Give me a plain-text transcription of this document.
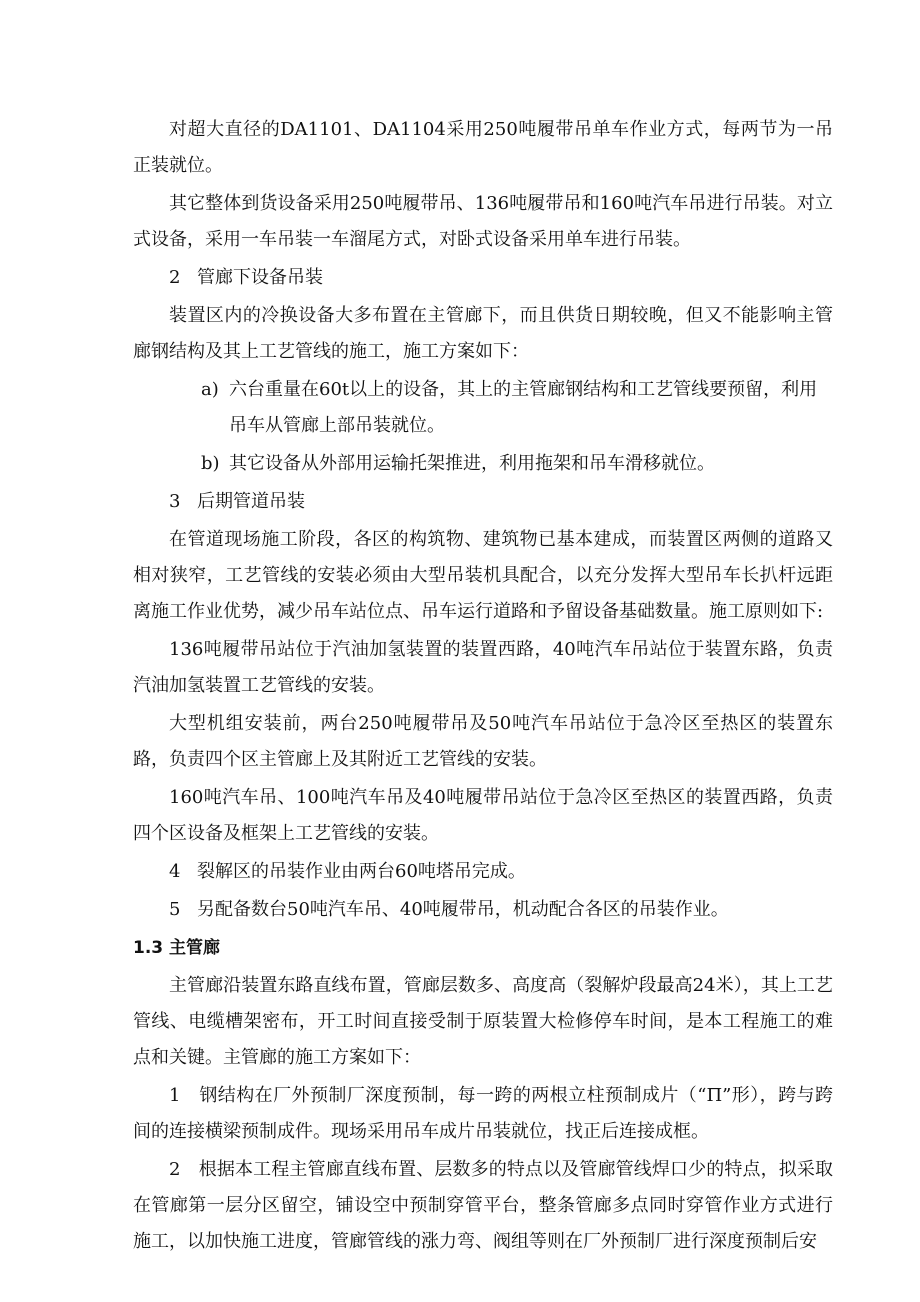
对超大直径的DA1101、DA1104采用250吨履带吊单车作业方式，每两节为一吊正装就位。

其它整体到货设备采用250吨履带吊、136吨履带吊和160吨汽车吊进行吊装。对立式设备，采用一车吊装一车溜尾方式，对卧式设备采用单车进行吊装。

2 管廊下设备吊装

装置区内的冷换设备大多布置在主管廊下，而且供货日期较晚，但又不能影响主管廊钢结构及其上工艺管线的施工，施工方案如下：

a) 六台重量在60t以上的设备，其上的主管廊钢结构和工艺管线要预留，利用吊车从管廊上部吊装就位。
b) 其它设备从外部用运输托架推进，利用拖架和吊车滑移就位。
3 后期管道吊装

在管道现场施工阶段，各区的构筑物、建筑物已基本建成，而装置区两侧的道路又相对狭窄，工艺管线的安装必须由大型吊装机具配合，以充分发挥大型吊车长扒杆远距离施工作业优势，减少吊车站位点、吊车运行道路和予留设备基础数量。施工原则如下:

136吨履带吊站位于汽油加氢装置的装置西路，40吨汽车吊站位于装置东路，负责汽油加氢装置工艺管线的安装。

大型机组安装前，两台250吨履带吊及50吨汽车吊站位于急冷区至热区的装置东路，负责四个区主管廊上及其附近工艺管线的安装。

160吨汽车吊、100吨汽车吊及40吨履带吊站位于急冷区至热区的装置西路，负责四个区设备及框架上工艺管线的安装。

4 裂解区的吊装作业由两台60吨塔吊完成。
5 另配备数台50吨汽车吊、40吨履带吊，机动配合各区的吊装作业。

1.3 主管廊

主管廊沿装置东路直线布置，管廊层数多、高度高（裂解炉段最高24米），其上工艺管线、电缆槽架密布，开工时间直接受制于原装置大检修停车时间，是本工程施工的难点和关键。主管廊的施工方案如下：

1　钢结构在厂外预制厂深度预制，每一跨的两根立柱预制成片（“Π”形），跨与跨间的连接横梁预制成件。现场采用吊车成片吊装就位，找正后连接成框。

2　根据本工程主管廊直线布置、层数多的特点以及管廊管线焊口少的特点，拟采取在管廊第一层分区留空，铺设空中预制穿管平台，整条管廊多点同时穿管作业方式进行施工，以加快施工进度，管廊管线的涨力弯、阀组等则在厂外预制厂进行深度预制后安
